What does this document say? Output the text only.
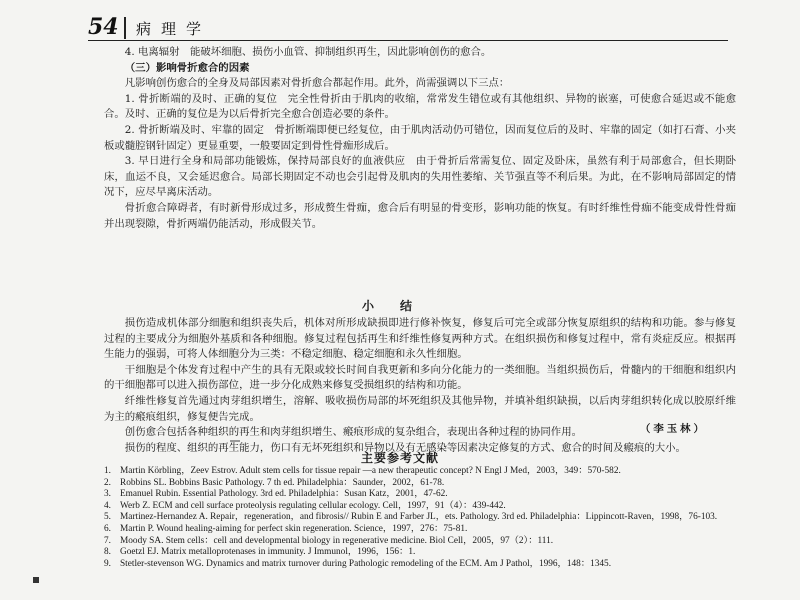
54 病理学

4. 电离辐射　能破坏细胞、损伤小血管、抑制组织再生，因此影响创伤的愈合。

（三）影响骨折愈合的因素

凡影响创伤愈合的全身及局部因素对骨折愈合都起作用。此外，尚需强调以下三点：

1. 骨折断端的及时、正确的复位　完全性骨折由于肌肉的收缩，常常发生错位或有其他组织、异物的嵌塞，可使愈合延迟或不能愈合。及时、正确的复位是为以后骨折完全愈合创造必要的条件。

2. 骨折断端及时、牢靠的固定　骨折断端即便已经复位，由于肌肉活动仍可错位，因而复位后的及时、牢靠的固定（如打石膏、小夹板或髓腔钢针固定）更显重要，一般要固定到骨性骨痂形成后。

3. 早日进行全身和局部功能锻炼，保持局部良好的血液供应　由于骨折后常需复位、固定及卧床，虽然有利于局部愈合，但长期卧床，血运不良，又会延迟愈合。局部长期固定不动也会引起骨及肌肉的失用性萎缩、关节强直等不利后果。为此，在不影响局部固定的情况下，应尽早离床活动。

骨折愈合障碍者，有时新骨形成过多，形成赘生骨痂，愈合后有明显的骨变形，影响功能的恢复。有时纤维性骨痂不能变成骨性骨痂并出现裂隙，骨折两端仍能活动，形成假关节。

小结

损伤造成机体部分细胞和组织丧失后，机体对所形成缺损即进行修补恢复，修复后可完全或部分恢复原组织的结构和功能。参与修复过程的主要成分为细胞外基质和各种细胞。修复过程包括再生和纤维性修复两种方式。在组织损伤和修复过程中，常有炎症反应。根据再生能力的强弱，可将人体细胞分为三类：不稳定细胞、稳定细胞和永久性细胞。

干细胞是个体发育过程中产生的具有无限或较长时间自我更新和多向分化能力的一类细胞。当组织损伤后，骨髓内的干细胞和组织内的干细胞都可以进入损伤部位，进一步分化成熟来修复受损组织的结构和功能。

纤维性修复首先通过肉芽组织增生，溶解、吸收损伤局部的坏死组织及其他异物，并填补组织缺损，以后肉芽组织转化成以胶原纤维为主的瘢痕组织，修复便告完成。

创伤愈合包括各种组织的再生和肉芽组织增生、瘢痕形成的复杂组合，表现出各种过程的协同作用。

损伤的程度、组织的再生能力，伤口有无坏死组织和异物以及有无感染等因素决定修复的方式、愈合的时间及瘢痕的大小。

（李玉林）
主要参考文献
1. Martin Körbling，Zeev Estrov. Adult stem cells for tissue repair —a new therapeutic concept? N Engl J Med，2003，349：570-582.
2. Robbins SL. Bobbins Basic Pathology. 7 th ed. Philadelphia：Saunder，2002，61-78.
3. Emanuel Rubin. Essential Pathology. 3rd ed. Philadelphia：Susan Katz，2001，47-62.
4. Werb Z. ECM and cell surface proteolysis regulating cellular ecology. Cell，1997，91（4）：439-442.
5. Martinez-Hernandez A. Repair，regeneration，and fibrosis// Rubin E and Farber JL，ets. Pathology. 3rd ed. Philadelphia：Lippincott-Raven，1998，76-103.
6. Martin P. Wound healing-aiming for perfect skin regeneration. Science，1997，276：75-81.
7. Moody SA. Stem cells：cell and developmental biology in regenerative medicine. Biol Cell，2005，97（2）：111.
8. Goetzl EJ. Matrix metalloprotenases in immunity. J Immunol，1996，156：1.
9. Stetler-stevenson WG. Dynamics and matrix turnover during Pathologic remodeling of the ECM. Am J Pathol，1996，148：1345.
